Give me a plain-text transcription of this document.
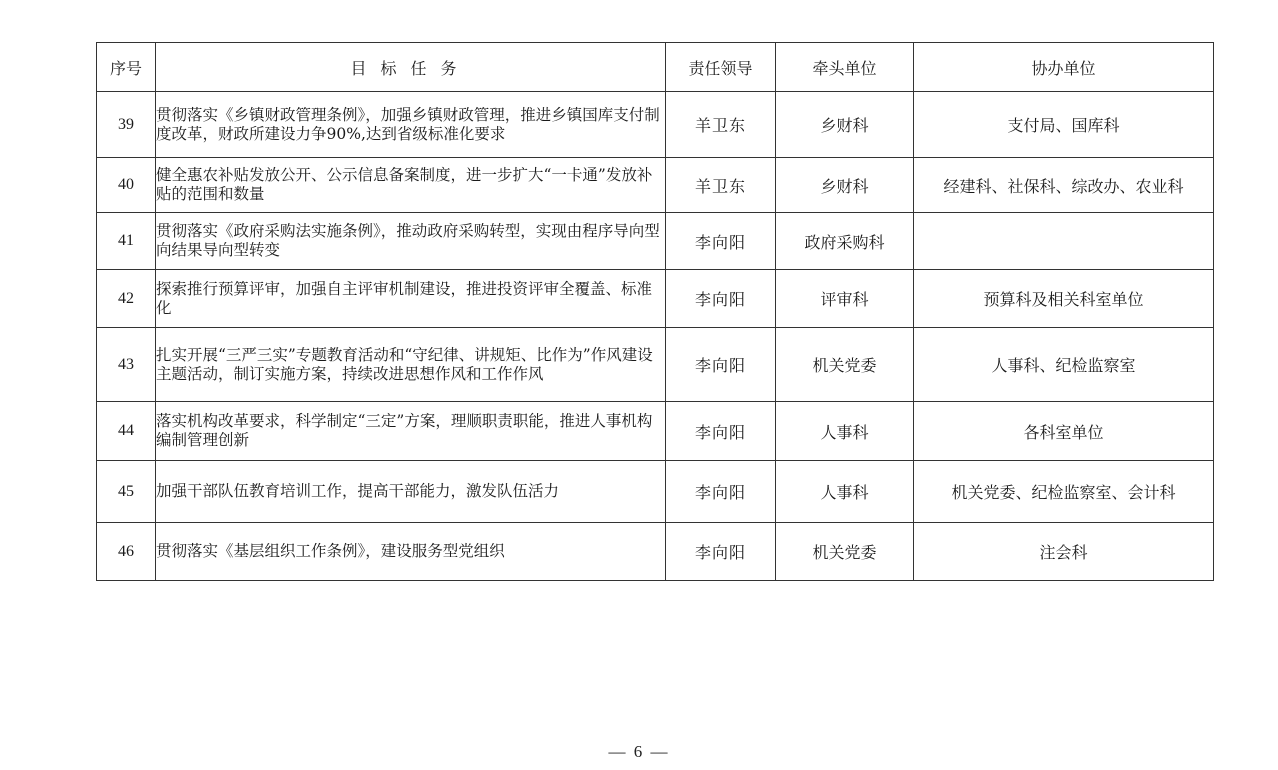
序号	目标任务	责任领导	牵头单位	协办单位
39	贯彻落实《乡镇财政管理条例》，加强乡镇财政管理，推进乡镇国库支付制度改革，财政所建设力争90%,达到省级标准化要求	羊卫东	乡财科	支付局、国库科
40	健全惠农补贴发放公开、公示信息备案制度，进一步扩大“一卡通”发放补贴的范围和数量	羊卫东	乡财科	经建科、社保科、综改办、农业科
41	贯彻落实《政府采购法实施条例》，推动政府采购转型，实现由程序导向型向结果导向型转变	李向阳	政府采购科	
42	探索推行预算评审，加强自主评审机制建设，推进投资评审全覆盖、标准化	李向阳	评审科	预算科及相关科室单位
43	扎实开展“三严三实”专题教育活动和“守纪律、讲规矩、比作为”作风建设主题活动，制订实施方案，持续改进思想作风和工作作风	李向阳	机关党委	人事科、纪检监察室
44	落实机构改革要求，科学制定“三定”方案，理顺职责职能，推进人事机构编制管理创新	李向阳	人事科	各科室单位
45	加强干部队伍教育培训工作，提高干部能力，激发队伍活力	李向阳	人事科	机关党委、纪检监察室、会计科
46	贯彻落实《基层组织工作条例》，建设服务型党组织	李向阳	机关党委	注会科
— 6 —
